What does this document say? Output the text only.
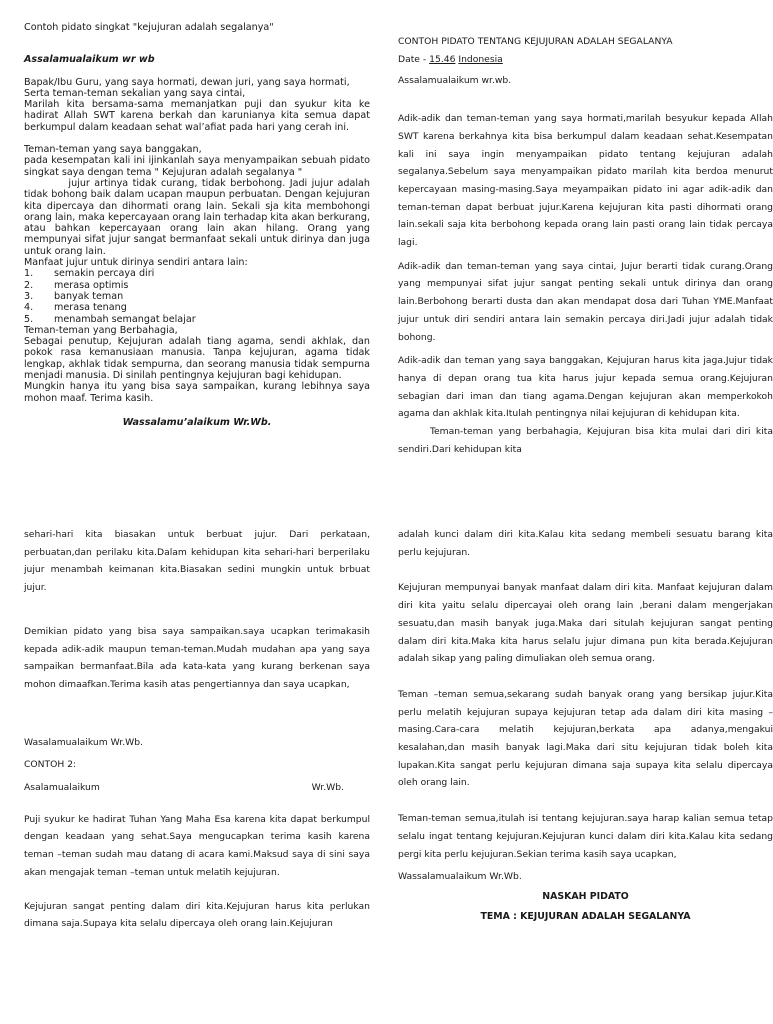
Contoh pidato singkat "kejujuran adalah segalanya"

Assalamualaikum wr wb

Bapak/Ibu Guru, yang saya hormati, dewan juri, yang saya hormati,

Serta teman-teman sekalian yang saya cintai,

Marilah kita bersama-sama memanjatkan puji dan syukur kita ke hadirat Allah SWT karena berkah dan karunianya kita semua dapat berkumpul dalam keadaan sehat wal’afiat pada hari yang cerah ini.

Teman-teman yang saya banggakan,

pada kesempatan kali ini ijinkanlah saya menyampaikan sebuah pidato singkat saya dengan tema " Kejujuran adalah segalanya "

jujur artinya tidak curang, tidak berbohong. Jadi jujur adalah tidak bohong baik dalam ucapan maupun perbuatan. Dengan kejujuran kita dipercaya dan dihormati orang lain. Sekali sja kita membohongi orang lain, maka kepercayaan orang lain terhadap kita akan berkurang, atau bahkan kepercayaan orang lain akan hilang. Orang yang mempunyai sifat jujur sangat bermanfaat sekali untuk dirinya dan juga untuk orang lain.

Manfaat jujur untuk dirinya sendiri antara lain:

1.	semakin percaya diri
2.	merasa optimis
3.	banyak teman
4.	merasa tenang
5.	menambah semangat belajar

Teman-teman yang Berbahagia,

Sebagai penutup, Kejujuran adalah tiang agama, sendi akhlak, dan pokok rasa kemanusiaan manusia. Tanpa kejujuran, agama tidak lengkap, akhlak tidak sempurna, dan seorang manusia tidak sempurna menjadi manusia. Di sinilah pentingnya kejujuran bagi kehidupan.

Mungkin hanya itu yang bisa saya sampaikan, kurang lebihnya saya mohon maaf. Terima kasih.

Wassalamu’alaikum Wr.Wb.

CONTOH PIDATO TENTANG KEJUJURAN ADALAH SEGALANYA

Date - 15.46 Indonesia

Assalamualaikum wr.wb.

Adik-adik dan teman-teman yang saya hormati,marilah besyukur kepada Allah SWT karena berkahnya kita bisa berkumpul dalam keadaan sehat.Kesempatan kali ini saya ingin menyampaikan pidato tentang kejujuran adalah segalanya.Sebelum saya menyampaikan pidato marilah kita berdoa menurut kepercayaan masing-masing.Saya meyampaikan pidato ini agar adik-adik dan teman-teman dapat berbuat jujur.Karena kejujuran kita pasti dihormati orang lain.sekali saja kita berbohong kepada orang lain pasti orang lain tidak percaya lagi.

Adik-adik dan teman-teman yang saya cintai, Jujur berarti tidak curang.Orang yang mempunyai sifat jujur sangat penting sekali untuk dirinya dan orang lain.Berbohong berarti dusta dan akan mendapat dosa dari Tuhan YME.Manfaat jujur untuk diri sendiri antara lain semakin percaya diri.Jadi jujur adalah tidak bohong.

Adik-adik dan teman yang saya banggakan, Kejujuran harus kita jaga.Jujur tidak hanya di depan orang tua kita harus jujur kepada semua orang.Kejujuran sebagian dari iman dan tiang agama.Dengan kejujuran akan memperkokoh agama dan akhlak kita.Itulah pentingnya nilai kejujuran di kehidupan kita.

Teman-teman yang berbahagia, Kejujuran bisa kita mulai dari diri kita sendiri.Dari kehidupan kita

sehari-hari kita biasakan untuk berbuat jujur. Dari perkataan, perbuatan,dan perilaku kita.Dalam kehidupan kita sehari-hari berperilaku jujur menambah keimanan kita.Biasakan sedini mungkin untuk brbuat jujur.

Demikian pidato yang bisa saya sampaikan.saya ucapkan terimakasih kepada adik-adik maupun teman-teman.Mudah mudahan apa yang saya sampaikan bermanfaat.Bila ada kata-kata yang kurang berkenan saya mohon dimaafkan.Terima kasih atas pengertiannya dan saya ucapkan,

Wasalamualaikum Wr.Wb.

CONTOH 2:

Asalamualaikum	Wr.Wb.

Puji syukur ke hadirat Tuhan Yang Maha Esa karena kita dapat berkumpul dengan keadaan yang sehat.Saya mengucapkan terima kasih karena teman –teman sudah mau datang di acara kami.Maksud saya di sini saya akan mengajak teman –teman untuk melatih kejujuran.

Kejujuran sangat penting dalam diri kita.Kejujuran harus kita perlukan dimana saja.Supaya kita selalu dipercaya oleh orang lain.Kejujuran

adalah kunci dalam diri kita.Kalau kita sedang membeli sesuatu barang kita perlu kejujuran.

Kejujuran mempunyai banyak manfaat dalam diri kita. Manfaat kejujuran dalam diri kita yaitu selalu dipercayai oleh orang lain ,berani dalam mengerjakan sesuatu,dan masih banyak juga.Maka dari situlah kejujuran sangat penting dalam diri kita.Maka kita harus selalu jujur dimana pun kita berada.Kejujuran adalah sikap yang paling dimuliakan oleh semua orang.

Teman –teman semua,sekarang sudah banyak orang yang bersikap jujur.Kita perlu melatih kejujuran supaya kejujuran tetap ada dalam diri kita masing –masing.Cara-cara melatih kejujuran,berkata apa adanya,mengakui kesalahan,dan masih banyak lagi.Maka dari situ kejujuran tidak boleh kita lupakan.Kita sangat perlu kejujuran dimana saja supaya kita selalu dipercaya oleh orang lain.

Teman-teman semua,itulah isi tentang kejujuran.saya harap kalian semua tetap selalu ingat tentang kejujuran.Kejujuran kunci dalam diri kita.Kalau kita sedang pergi kita perlu kejujuran.Sekian terima kasih saya ucapkan,

Wassalamualaikum Wr.Wb.

NASKAH PIDATO

TEMA : KEJUJURAN ADALAH SEGALANYA
